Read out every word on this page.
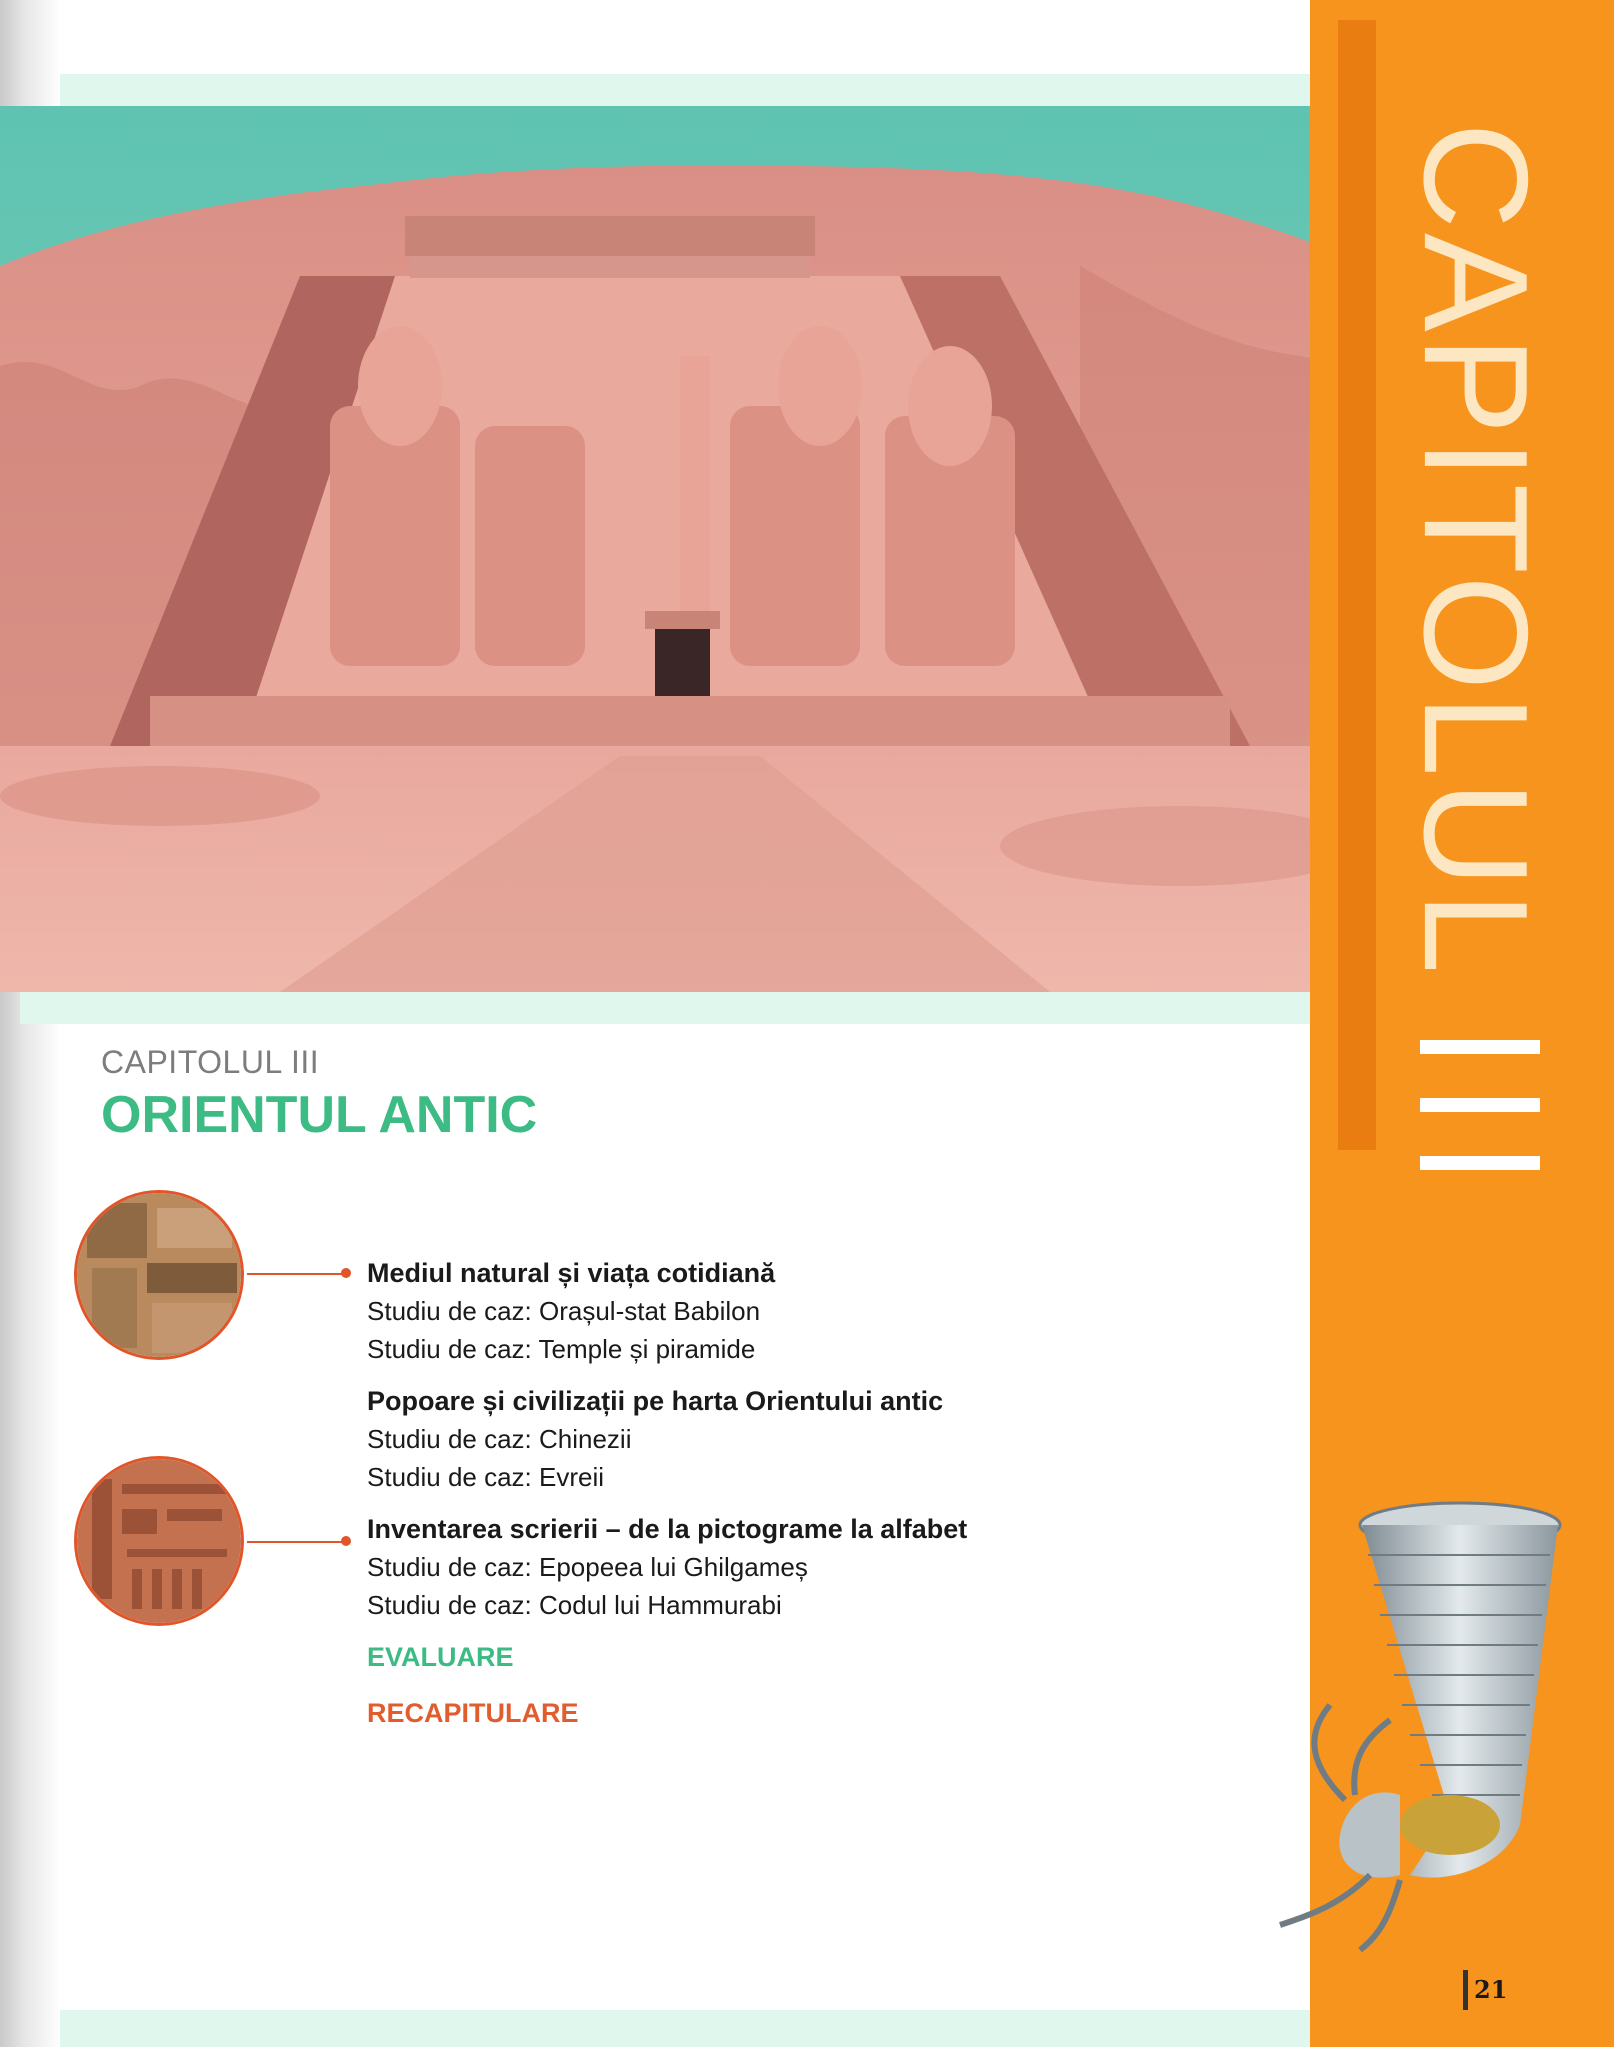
CAPITOLUL
CAPITOLUL III
ORIENTUL ANTIC
Mediul natural și viața cotidiană
Studiu de caz: Orașul-stat Babilon
Studiu de caz: Temple și piramide
Popoare și civilizații pe harta Orientului antic
Studiu de caz: Chinezii
Studiu de caz: Evreii
Inventarea scrierii – de la pictograme la alfabet
Studiu de caz: Epopeea lui Ghilgameș
Studiu de caz: Codul lui Hammurabi
EVALUARE
RECAPITULARE
21
